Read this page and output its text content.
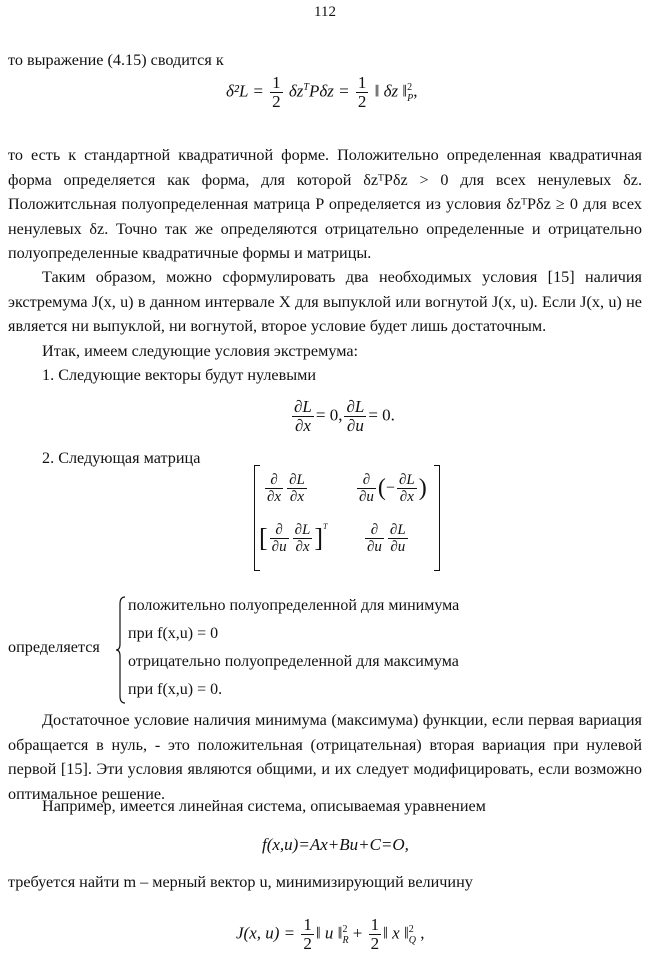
112
то выражение (4.15) сводится к
$\delta^2L = \frac{1}{2} \delta z^TP\delta z = \frac{1}{2}$ ‖ δz ‖ 2
P ,

то есть к стандартной квадратичной форме. Положительно определенная квадратичная форма определяется как форма, для которой δzᵀPδz > 0 для всех ненулевых δz. Положитсльная полуопределенная матрица P определяется из условия δzᵀPδz ≥ 0 для всех ненулевых δz. Точно так же определяются отрицательно определенные и отрицательно полуопределенные квадратичные формы и матрицы.

Таким образом, можно сформулировать два необходимых условия [15] наличия экстремума J(x, u) в данном интервале X для выпуклой или вогнутой J(x, u). Если J(x, u) не является ни выпуклой, ни вогнутой, второе условие будет лишь достаточным.

Итак, имеем следующие условия экстремума:
1. Следующие векторы будут нулевыми
$\frac{\partial L}{\partial x} = 0$, $\frac{\partial L}{\partial u} = 0$.
2. Следующая матрица
$\frac{\partial}{\partial x} \frac{\partial L}{\partial x}$	$\frac{\partial}{\partial u}$ (− $\frac{\partial L}{\partial x}$ )
[ $\frac{\partial}{\partial u} \frac{\partial L}{\partial x} ]^T$	$\frac{\partial}{\partial u} \frac{\partial L}{\partial u}$
определяется
положительно полуопределенной для минимума
при f(x,u) = 0
отрицательно полуопределенной для максимума
при f(x,u) = 0.

Достаточное условие наличия минимума (максимума) функции, если первая вариация обращается в нуль, - это положительная (отрицательная) вторая вариация при нулевой первой [15]. Эти условия являются общими, и их следует модифицировать, если возможно оптимальное решение.

Например, имеется линейная система, описываемая уравнением
f(x,u)=Ax+Bu+C=O,
требуется найти m – мерный вектор u, минимизирующий величину
J(x, $u) = \frac{1}{2}$ ‖ u ‖ 2
$R + \frac{1}{2}$ ‖ x ‖ 2
Q ,
